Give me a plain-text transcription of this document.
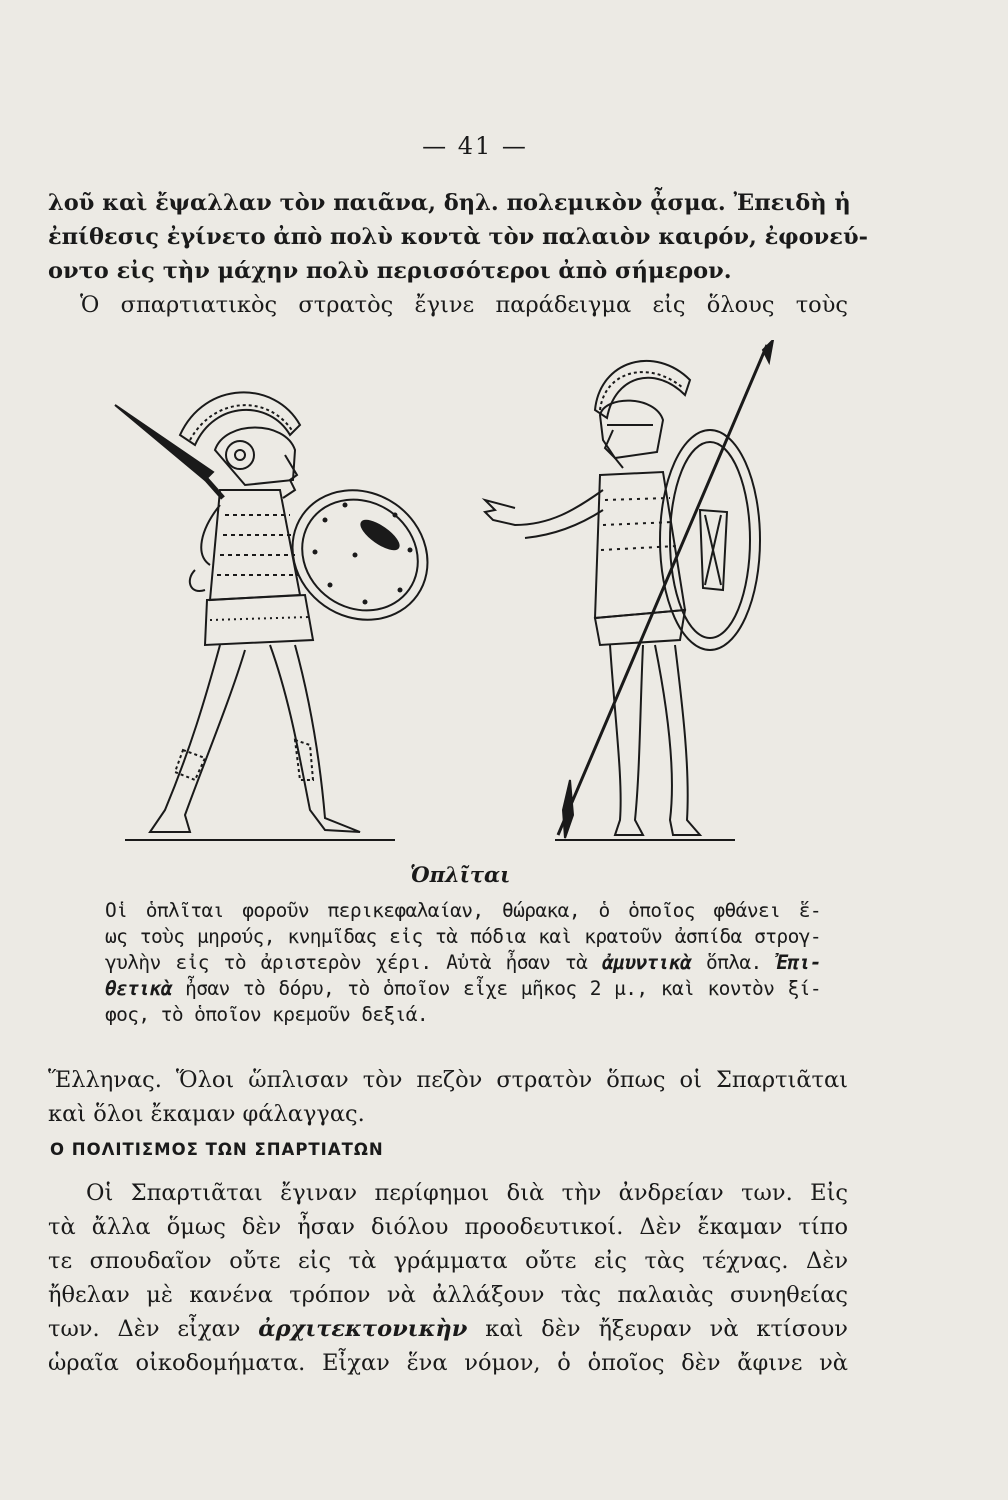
— 41 —
λοῦ καὶ ἔψαλλαν τὸν παιᾶνα, δηλ. πολεμικὸν ᾆσμα. Ἐπειδὴ ἡ
ἐπίθεσις ἐγίνετο ἀπὸ πολὺ κοντὰ τὸν παλαιὸν καιρόν, ἐφονεύ-
οντο εἰς τὴν μάχην πολὺ περισσότεροι ἀπὸ σήμερον.
Ὁ σπαρτιατικὸς στρατὸς ἔγινε παράδειγμα εἰς ὅλους τοὺς
Ὁπλῖται
Οἱ ὁπλῖται φοροῦν περικεφαλαίαν, θώρακα, ὁ ὁποῖος φθάνει ἕ-
ως τοὺς μηρούς, κνημῖδας εἰς τὰ πόδια καὶ κρατοῦν ἀσπίδα στρογ-
γυλὴν εἰς τὸ ἀριστερὸν χέρι. Αὐτὰ ἦσαν τὰ ἀμυντικὰ ὅπλα. Ἐπι-
θετικὰ ἦσαν τὸ δόρυ, τὸ ὁποῖον εἶχε μῆκος 2 μ., καὶ κοντὸν ξί-
φος, τὸ ὁποῖον κρεμοῦν δεξιά.
Ἕλληνας. Ὅλοι ὥπλισαν τὸν πεζὸν στρατὸν ὅπως οἱ Σπαρτιᾶται
καὶ ὅλοι ἔκαμαν φάλαγγας.
Ο ΠΟΛΙΤΙΣΜΟΣ ΤΩΝ ΣΠΑΡΤΙΑΤΩΝ
Οἱ Σπαρτιᾶται ἔγιναν περίφημοι διὰ τὴν ἀνδρείαν των. Εἰς
τὰ ἄλλα ὅμως δὲν ἦσαν διόλου προοδευτικοί. Δὲν ἔκαμαν τίπο
τε σπουδαῖον οὔτε εἰς τὰ γράμματα οὔτε εἰς τὰς τέχνας. Δὲν
ἤθελαν μὲ κανένα τρόπον νὰ ἀλλάξουν τὰς παλαιὰς συνηθείας
των. Δὲν εἶχαν ἀρχιτεκτονικὴν καὶ δὲν ἤξευραν νὰ κτίσουν
ὡραῖα οἰκοδομήματα. Εἶχαν ἕνα νόμον, ὁ ὁποῖος δὲν ἄφινε νὰ
